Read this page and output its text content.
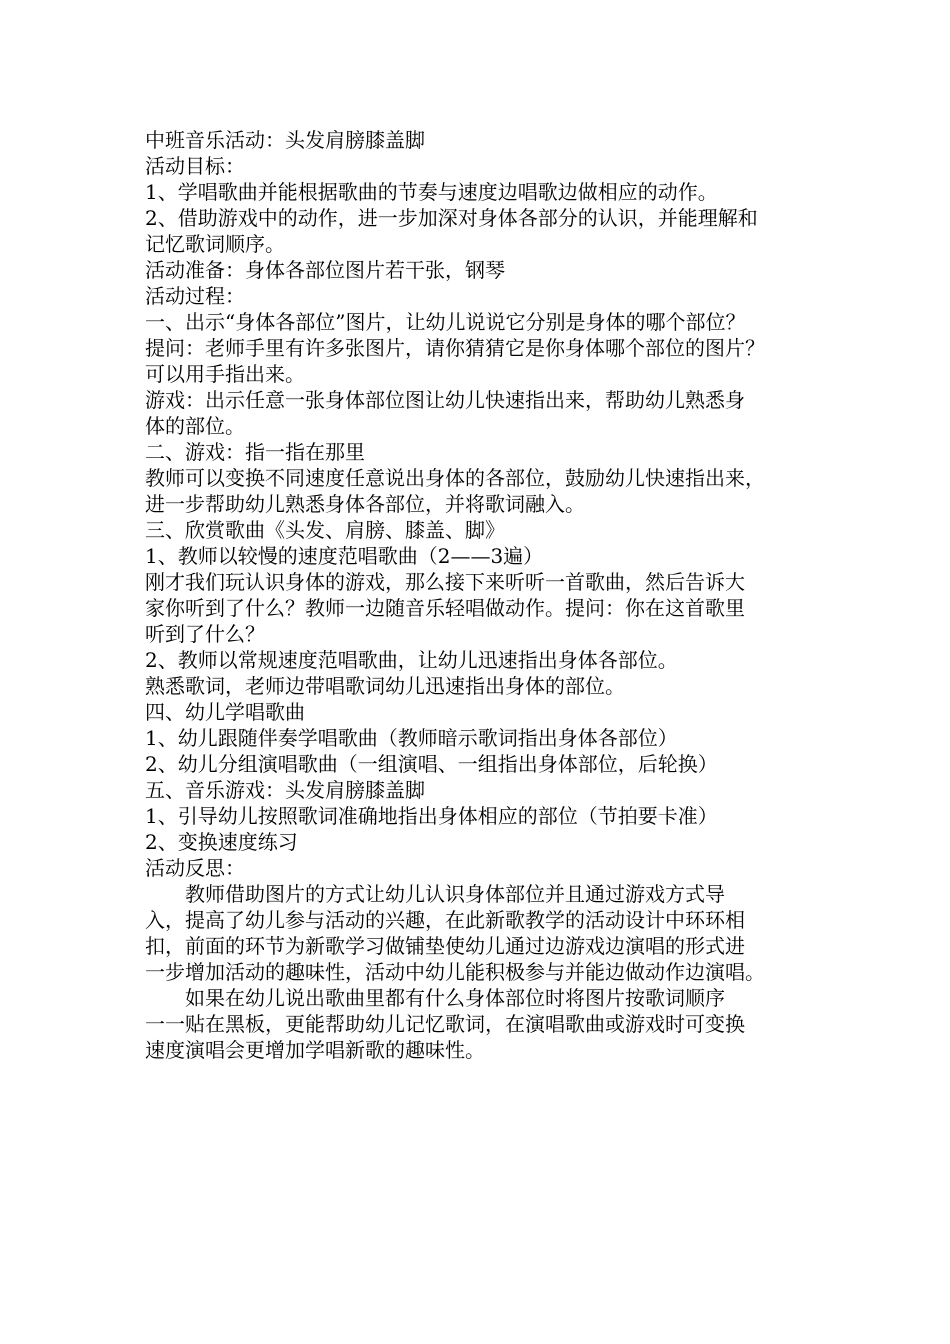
中班音乐活动：头发肩膀膝盖脚
活动目标：
1、学唱歌曲并能根据歌曲的节奏与速度边唱歌边做相应的动作。
2、借助游戏中的动作，进一步加深对身体各部分的认识，并能理解和
记忆歌词顺序。
活动准备：身体各部位图片若干张，钢琴
活动过程：
一、出示“身体各部位”图片，让幼儿说说它分别是身体的哪个部位？
提问：老师手里有许多张图片，请你猜猜它是你身体哪个部位的图片？
可以用手指出来。
游戏：出示任意一张身体部位图让幼儿快速指出来，帮助幼儿熟悉身
体的部位。
二、游戏：指一指在那里
教师可以变换不同速度任意说出身体的各部位，鼓励幼儿快速指出来，
进一步帮助幼儿熟悉身体各部位，并将歌词融入。
三、欣赏歌曲《头发、肩膀、膝盖、脚》
1、教师以较慢的速度范唱歌曲（2——3遍）
刚才我们玩认识身体的游戏，那么接下来听听一首歌曲，然后告诉大
家你听到了什么？教师一边随音乐轻唱做动作。提问：你在这首歌里
听到了什么？
2、教师以常规速度范唱歌曲，让幼儿迅速指出身体各部位。
熟悉歌词，老师边带唱歌词幼儿迅速指出身体的部位。
四、幼儿学唱歌曲
1、幼儿跟随伴奏学唱歌曲（教师暗示歌词指出身体各部位）
2、幼儿分组演唱歌曲（一组演唱、一组指出身体部位，后轮换）
五、音乐游戏：头发肩膀膝盖脚
1、引导幼儿按照歌词准确地指出身体相应的部位（节拍要卡准）
2、变换速度练习
活动反思：
教师借助图片的方式让幼儿认识身体部位并且通过游戏方式导
入，提高了幼儿参与活动的兴趣，在此新歌教学的活动设计中环环相
扣，前面的环节为新歌学习做铺垫使幼儿通过边游戏边演唱的形式进
一步增加活动的趣味性，活动中幼儿能积极参与并能边做动作边演唱。
如果在幼儿说出歌曲里都有什么身体部位时将图片按歌词顺序
一一贴在黑板，更能帮助幼儿记忆歌词，在演唱歌曲或游戏时可变换
速度演唱会更增加学唱新歌的趣味性。
